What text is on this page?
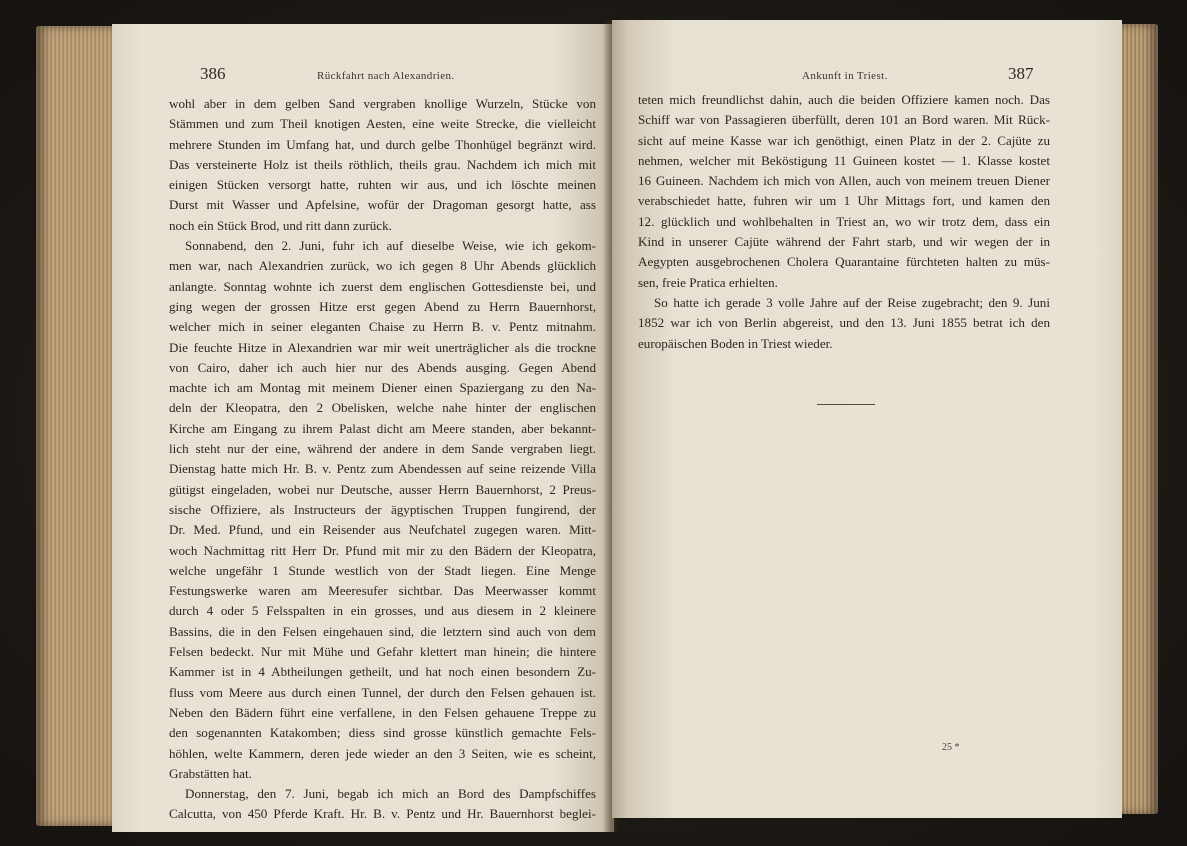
386	Rückfahrt nach Alexandrien.

wohl aber in dem gelben Sand vergraben knollige Wurzeln, Stücke von

Stämmen und zum Theil knotigen Aesten, eine weite Strecke, die vielleicht

mehrere Stunden im Umfang hat, und durch gelbe Thonhügel begränzt wird.

Das versteinerte Holz ist theils röthlich, theils grau. Nachdem ich mich mit

einigen Stücken versorgt hatte, ruhten wir aus, und ich löschte meinen

Durst mit Wasser und Apfelsine, wofür der Dragoman gesorgt hatte, ass

noch ein Stück Brod, und ritt dann zurück.

Sonnabend, den 2. Juni, fuhr ich auf dieselbe Weise, wie ich gekom-

men war, nach Alexandrien zurück, wo ich gegen 8 Uhr Abends glücklich

anlangte. Sonntag wohnte ich zuerst dem englischen Gottesdienste bei, und

ging wegen der grossen Hitze erst gegen Abend zu Herrn Bauernhorst,

welcher mich in seiner eleganten Chaise zu Herrn B. v. Pentz mitnahm.

Die feuchte Hitze in Alexandrien war mir weit unerträglicher als die trockne

von Cairo, daher ich auch hier nur des Abends ausging. Gegen Abend

machte ich am Montag mit meinem Diener einen Spaziergang zu den Na-

deln der Kleopatra, den 2 Obelisken, welche nahe hinter der englischen

Kirche am Eingang zu ihrem Palast dicht am Meere standen, aber bekannt-

lich steht nur der eine, während der andere in dem Sande vergraben liegt.

Dienstag hatte mich Hr. B. v. Pentz zum Abendessen auf seine reizende Villa

gütigst eingeladen, wobei nur Deutsche, ausser Herrn Bauernhorst, 2 Preus-

sische Offiziere, als Instructeurs der ägyptischen Truppen fungirend, der

Dr. Med. Pfund, und ein Reisender aus Neufchatel zugegen waren. Mitt-

woch Nachmittag ritt Herr Dr. Pfund mit mir zu den Bädern der Kleopatra,

welche ungefähr 1 Stunde westlich von der Stadt liegen. Eine Menge

Festungswerke waren am Meeresufer sichtbar. Das Meerwasser kommt

durch 4 oder 5 Felsspalten in ein grosses, und aus diesem in 2 kleinere

Bassins, die in den Felsen eingehauen sind, die letztern sind auch von dem

Felsen bedeckt. Nur mit Mühe und Gefahr klettert man hinein; die hintere

Kammer ist in 4 Abtheilungen getheilt, und hat noch einen besondern Zu-

fluss vom Meere aus durch einen Tunnel, der durch den Felsen gehauen ist.

Neben den Bädern führt eine verfallene, in den Felsen gehauene Treppe zu

den sogenannten Katakomben; diess sind grosse künstlich gemachte Fels-

höhlen, welte Kammern, deren jede wieder an den 3 Seiten, wie es scheint,

Grabstätten hat.

Donnerstag, den 7. Juni, begab ich mich an Bord des Dampfschiffes

Calcutta, von 450 Pferde Kraft. Hr. B. v. Pentz und Hr. Bauernhorst beglei-

Ankunft in Triest.	387

teten mich freundlichst dahin, auch die beiden Offiziere kamen noch. Das

Schiff war von Passagieren überfüllt, deren 101 an Bord waren. Mit Rück-

sicht auf meine Kasse war ich genöthigt, einen Platz in der 2. Cajüte zu

nehmen, welcher mit Beköstigung 11 Guineen kostet — 1. Klasse kostet

16 Guineen. Nachdem ich mich von Allen, auch von meinem treuen Diener

verabschiedet hatte, fuhren wir um 1 Uhr Mittags fort, und kamen den

12. glücklich und wohlbehalten in Triest an, wo wir trotz dem, dass ein

Kind in unserer Cajüte während der Fahrt starb, und wir wegen der in

Aegypten ausgebrochenen Cholera Quarantaine fürchteten halten zu müs-

sen, freie Pratica erhielten.

So hatte ich gerade 3 volle Jahre auf der Reise zugebracht; den 9. Juni

1852 war ich von Berlin abgereist, und den 13. Juni 1855 betrat ich den

europäischen Boden in Triest wieder.

25 *
